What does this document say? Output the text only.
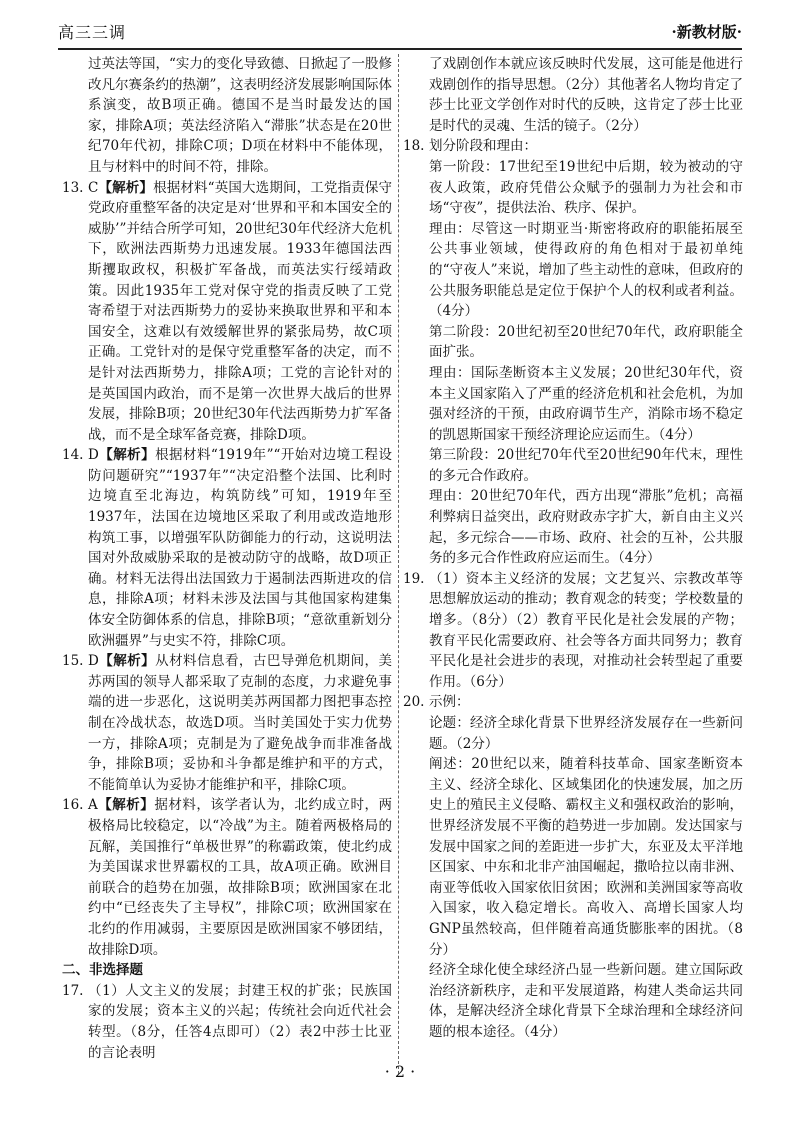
高三三调	·新教材版·

过英法等国，“实力的变化导致德、日掀起了一股修改凡尔赛条约的热潮”，这表明经济发展影响国际体系演变，故B项正确。德国不是当时最发达的国家，排除A项；英法经济陷入“滞胀”状态是在20世纪70年代初，排除C项；D项在材料中不能体现，且与材料中的时间不符，排除。

13. C【解析】根据材料“英国大选期间，工党指责保守党政府重整军备的决定是对‘世界和平和本国安全的威胁’”并结合所学可知，20世纪30年代经济大危机下，欧洲法西斯势力迅速发展。1933年德国法西斯攫取政权，积极扩军备战，而英法实行绥靖政策。因此1935年工党对保守党的指责反映了工党寄希望于对法西斯势力的妥协来换取世界和平和本国安全，这难以有效缓解世界的紧张局势，故C项正确。工党针对的是保守党重整军备的决定，而不是针对法西斯势力，排除A项；工党的言论针对的是英国国内政治，而不是第一次世界大战后的世界发展，排除B项；20世纪30年代法西斯势力扩军备战，而不是全球军备竞赛，排除D项。

14. D【解析】根据材料“1919年”“开始对边境工程设防问题研究”“1937年”“决定沿整个法国、比利时边境直至北海边，构筑防线”可知，1919年至1937年，法国在边境地区采取了利用或改造地形构筑工事，以增强军队防御能力的行动，这说明法国对外敌威胁采取的是被动防守的战略，故D项正确。材料无法得出法国致力于遏制法西斯进攻的信息，排除A项；材料未涉及法国与其他国家构建集体安全防御体系的信息，排除B项；“意欲重新划分欧洲疆界”与史实不符，排除C项。

15. D【解析】从材料信息看，古巴导弹危机期间，美苏两国的领导人都采取了克制的态度，力求避免事端的进一步恶化，这说明美苏两国都力图把事态控制在冷战状态，故选D项。当时美国处于实力优势一方，排除A项；克制是为了避免战争而非准备战争，排除B项；妥协和斗争都是维护和平的方式，不能简单认为妥协才能维护和平，排除C项。

16. A【解析】据材料，该学者认为，北约成立时，两极格局比较稳定，以“冷战”为主。随着两极格局的瓦解，美国推行“单极世界”的称霸政策，使北约成为美国谋求世界霸权的工具，故A项正确。欧洲目前联合的趋势在加强，故排除B项；欧洲国家在北约中“已经丧失了主导权”，排除C项；欧洲国家在北约的作用减弱，主要原因是欧洲国家不够团结，故排除D项。

二、非选择题

17. （1）人文主义的发展；封建王权的扩张；民族国家的发展；资本主义的兴起；传统社会向近代社会转型。（8分，任答4点即可）（2）表2中莎士比亚的言论表明

了戏剧创作本就应该反映时代发展，这可能是他进行戏剧创作的指导思想。（2分）其他著名人物均肯定了莎士比亚文学创作对时代的反映，这肯定了莎士比亚是时代的灵魂、生活的镜子。（2分）

18. 划分阶段和理由：

第一阶段：17世纪至19世纪中后期，较为被动的守夜人政策，政府凭借公众赋予的强制力为社会和市场“守夜”，提供法治、秩序、保护。

理由：尽管这一时期亚当·斯密将政府的职能拓展至公共事业领域，使得政府的角色相对于最初单纯的“守夜人”来说，增加了些主动性的意味，但政府的公共服务职能总是定位于保护个人的权利或者利益。（4分）

第二阶段：20世纪初至20世纪70年代，政府职能全面扩张。

理由：国际垄断资本主义发展；20世纪30年代，资本主义国家陷入了严重的经济危机和社会危机，为加强对经济的干预，由政府调节生产，消除市场不稳定的凯恩斯国家干预经济理论应运而生。（4分）

第三阶段：20世纪70年代至20世纪90年代末，理性的多元合作政府。

理由：20世纪70年代，西方出现“滞胀”危机；高福利弊病日益突出，政府财政赤字扩大，新自由主义兴起，多元综合——市场、政府、社会的互补，公共服务的多元合作性政府应运而生。（4分）

19. （1）资本主义经济的发展；文艺复兴、宗教改革等思想解放运动的推动；教育观念的转变；学校数量的增多。（8分）（2）教育平民化是社会发展的产物；教育平民化需要政府、社会等各方面共同努力；教育平民化是社会进步的表现，对推动社会转型起了重要作用。（6分）

20. 示例：

论题：经济全球化背景下世界经济发展存在一些新问题。（2分）

阐述：20世纪以来，随着科技革命、国家垄断资本主义、经济全球化、区域集团化的快速发展，加之历史上的殖民主义侵略、霸权主义和强权政治的影响，世界经济发展不平衡的趋势进一步加剧。发达国家与发展中国家之间的差距进一步扩大，东亚及太平洋地区国家、中东和北非产油国崛起，撒哈拉以南非洲、南亚等低收入国家依旧贫困；欧洲和美洲国家等高收入国家，收入稳定增长。高收入、高增长国家人均GNP虽然较高，但伴随着高通货膨胀率的困扰。（8分）

经济全球化使全球经济凸显一些新问题。建立国际政治经济新秩序，走和平发展道路，构建人类命运共同体，是解决经济全球化背景下全球治理和全球经济问题的根本途径。（4分）

· 2 ·
